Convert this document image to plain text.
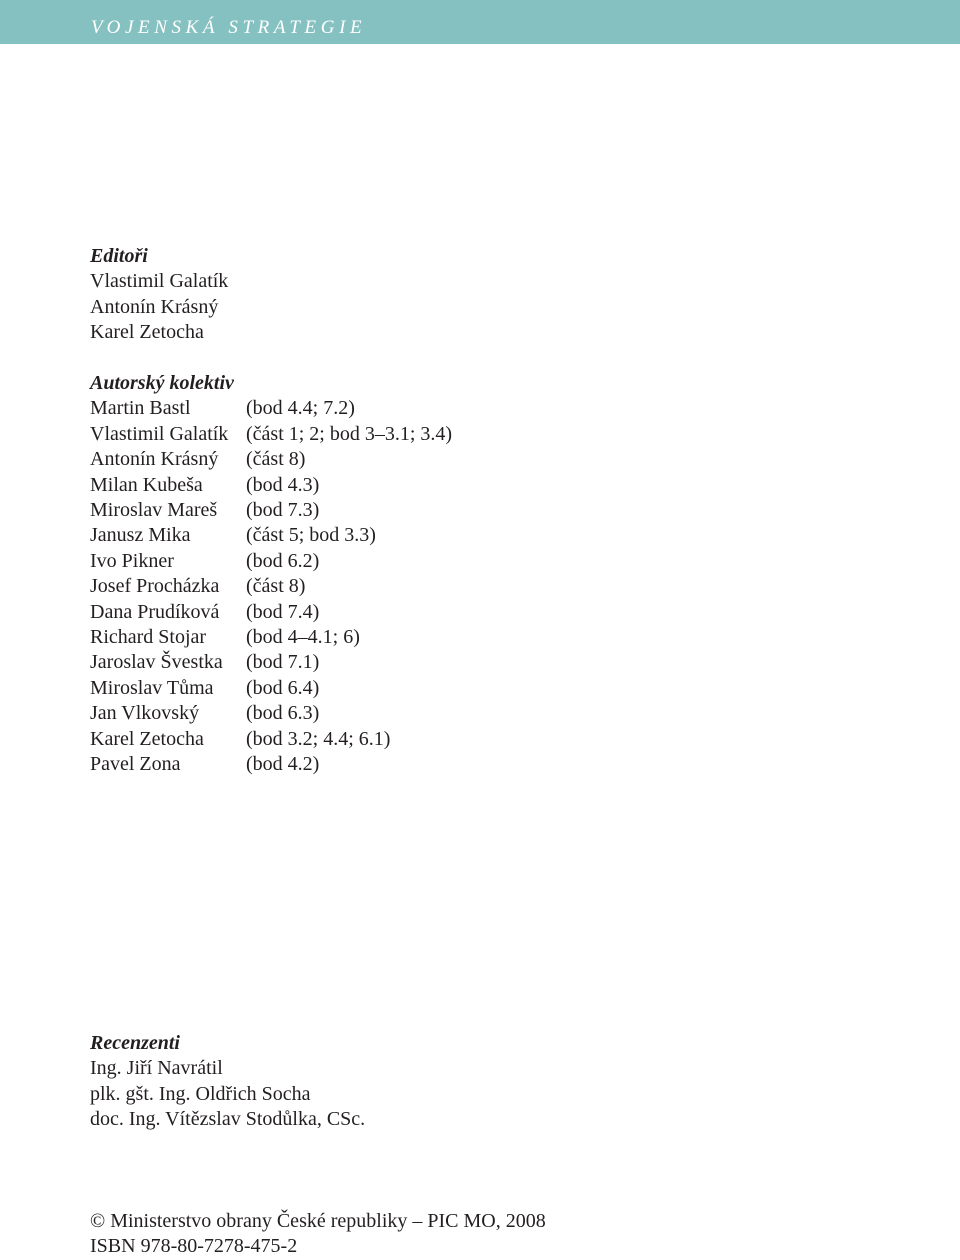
VOJENSKÁ STRATEGIE
Editoři
Vlastimil Galatík
Antonín Krásný
Karel Zetocha
Autorský kolektiv
Martin Bastl	(bod 4.4; 7.2)
Vlastimil Galatík (část 1; 2; bod 3–3.1; 3.4)
Antonín Krásný	(část 8)
Milan Kubeša	(bod 4.3)
Miroslav Mareš	(bod 7.3)
Janusz Mika	(část 5; bod 3.3)
Ivo Pikner	(bod 6.2)
Josef Procházka	(část 8)
Dana Prudíková	(bod 7.4)
Richard Stojar	(bod 4–4.1; 6)
Jaroslav Švestka	(bod 7.1)
Miroslav Tůma	(bod 6.4)
Jan Vlkovský	(bod 6.3)
Karel Zetocha	(bod 3.2; 4.4; 6.1)
Pavel Zona	(bod 4.2)
Recenzenti
Ing. Jiří Navrátil
plk. gšt. Ing. Oldřich Socha
doc. Ing. Vítězslav Stodůlka, CSc.
© Ministerstvo obrany České republiky – PIC MO, 2008
ISBN 978-80-7278-475-2
